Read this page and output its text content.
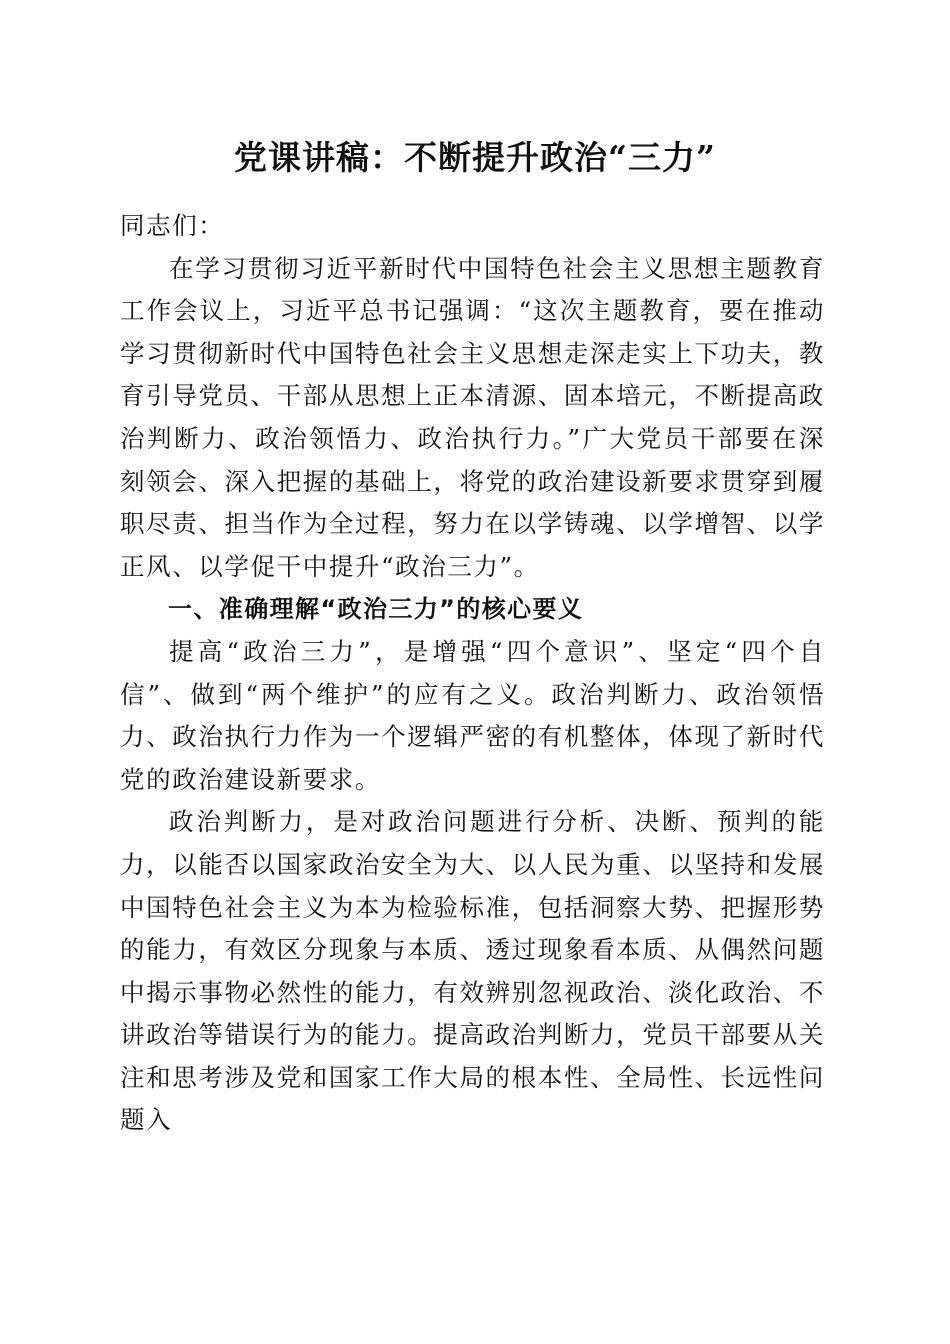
党课讲稿：不断提升政治“三力”

同志们：

在学习贯彻习近平新时代中国特色社会主义思想主题教育工作会议上，习近平总书记强调：“这次主题教育，要在推动学习贯彻新时代中国特色社会主义思想走深走实上下功夫，教育引导党员、干部从思想上正本清源、固本培元，不断提高政治判断力、政治领悟力、政治执行力。”广大党员干部要在深刻领会、深入把握的基础上，将党的政治建设新要求贯穿到履职尽责、担当作为全过程，努力在以学铸魂、以学增智、以学正风、以学促干中提升“政治三力”。

一、准确理解“政治三力”的核心要义

提高“政治三力”，是增强“四个意识”、坚定“四个自信”、做到“两个维护”的应有之义。政治判断力、政治领悟力、政治执行力作为一个逻辑严密的有机整体，体现了新时代党的政治建设新要求。

政治判断力，是对政治问题进行分析、决断、预判的能力，以能否以国家政治安全为大、以人民为重、以坚持和发展中国特色社会主义为本为检验标准，包括洞察大势、把握形势的能力，有效区分现象与本质、透过现象看本质、从偶然问题中揭示事物必然性的能力，有效辨别忽视政治、淡化政治、不讲政治等错误行为的能力。提高政治判断力，党员干部要从关注和思考涉及党和国家工作大局的根本性、全局性、长远性问题入
